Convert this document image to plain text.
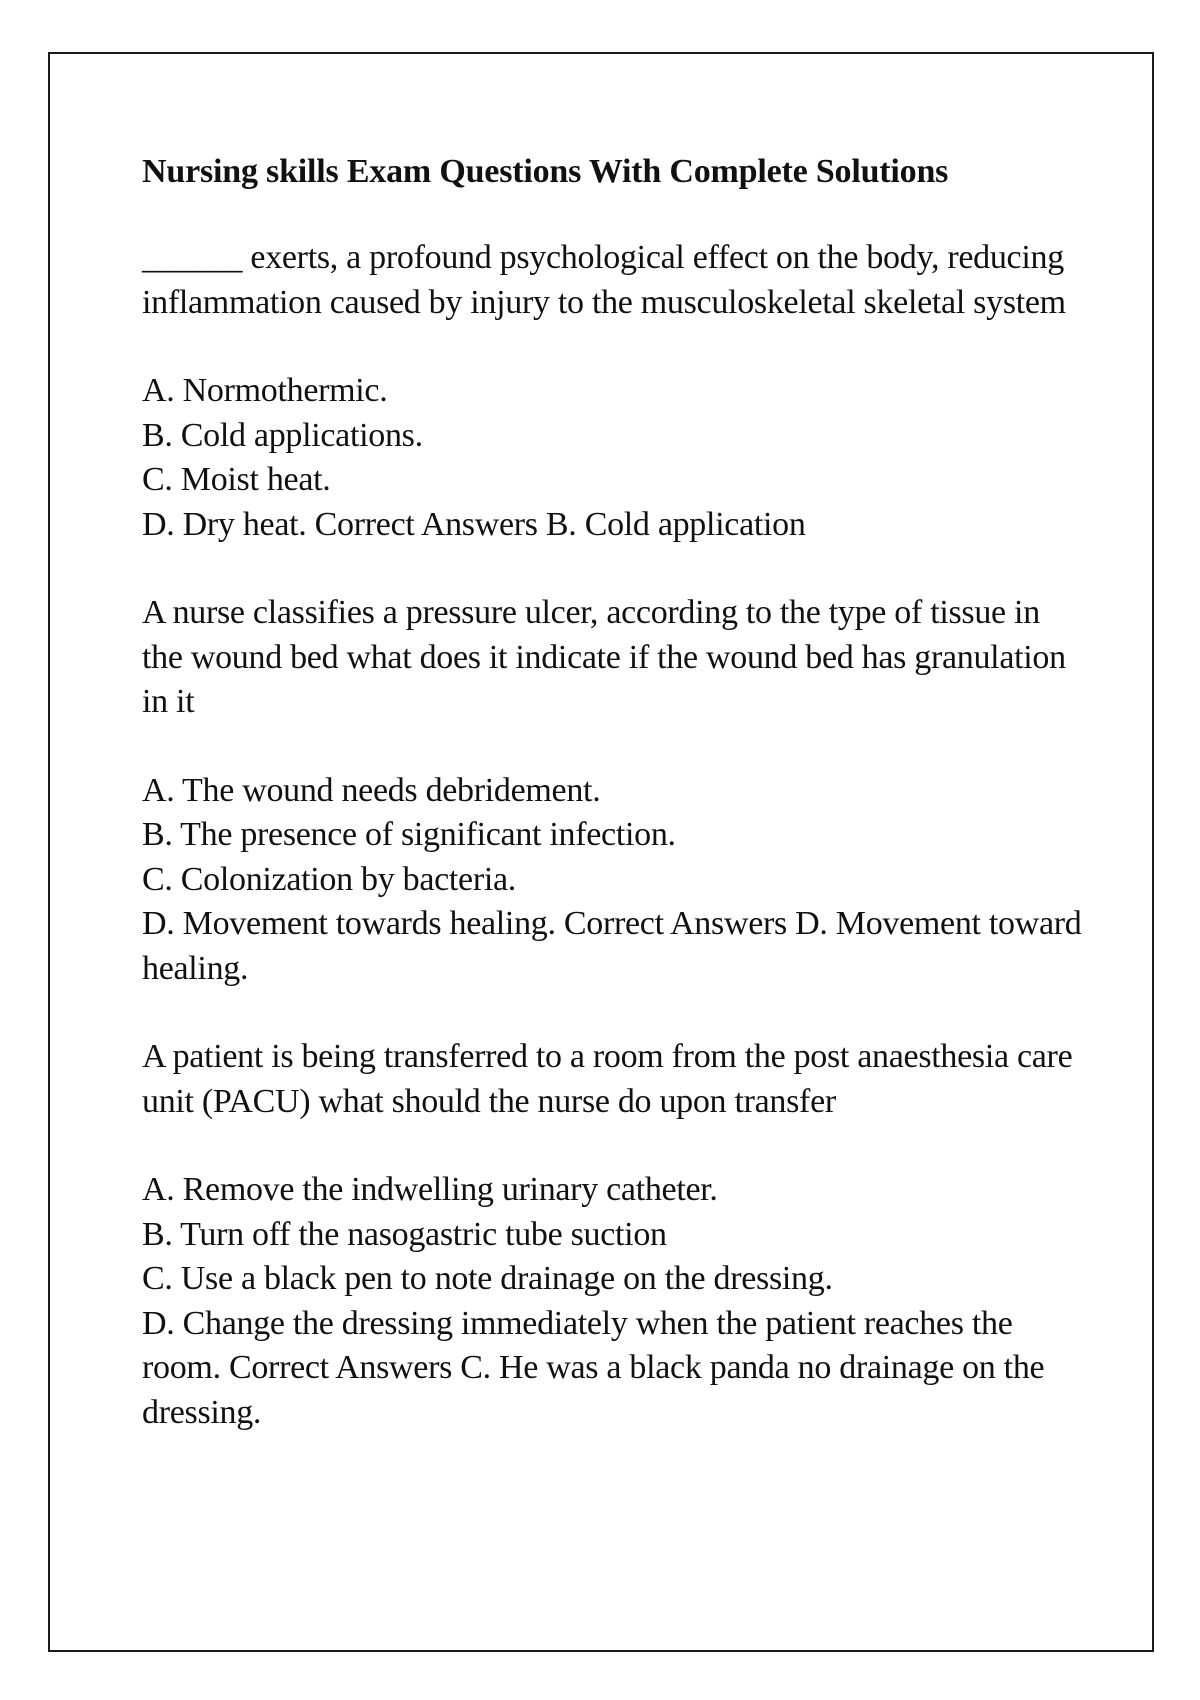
Nursing skills Exam Questions With Complete Solutions

______ exerts, a profound psychological effect on the body, reducing inflammation caused by injury to the musculoskeletal skeletal system

A. Normothermic.

B. Cold applications.

C. Moist heat.

D. Dry heat. Correct Answers B. Cold application

A nurse classifies a pressure ulcer, according to the type of tissue in the wound bed what does it indicate if the wound bed has granulation in it

A. The wound needs debridement.

B. The presence of significant infection.

C. Colonization by bacteria.

D. Movement towards healing. Correct Answers D. Movement toward healing.

A patient is being transferred to a room from the post anaesthesia care unit (PACU) what should the nurse do upon transfer

A. Remove the indwelling urinary catheter.

B. Turn off the nasogastric tube suction

C. Use a black pen to note drainage on the dressing.

D. Change the dressing immediately when the patient reaches the room. Correct Answers C. He was a black panda no drainage on the dressing.
